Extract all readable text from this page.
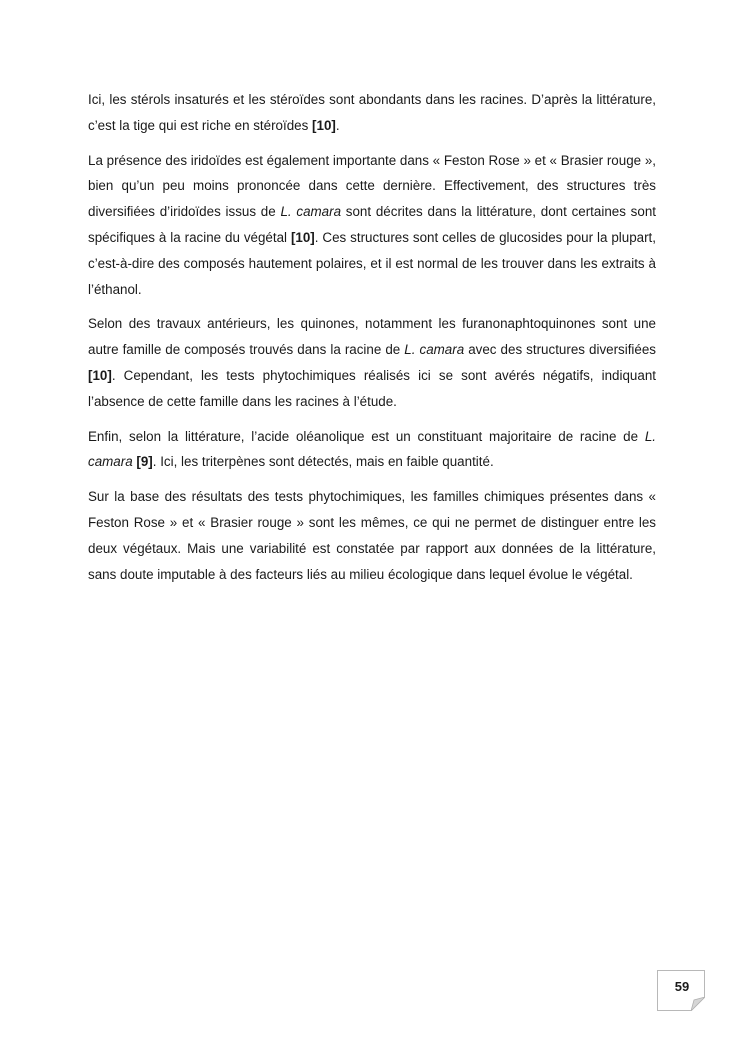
Ici, les stérols insaturés et les stéroïdes sont abondants dans les racines. D’après la littérature, c’est la tige qui est riche en stéroïdes [10].

La présence des iridoïdes est également importante dans « Feston Rose » et « Brasier rouge », bien qu’un peu moins prononcée dans cette dernière. Effectivement, des structures très diversifiées d’iridoïdes issus de L. camara sont décrites dans la littérature, dont certaines sont spécifiques à la racine du végétal [10]. Ces structures sont celles de glucosides pour la plupart, c’est-à-dire des composés hautement polaires, et il est normal de les trouver dans les extraits à l’éthanol.

Selon des travaux antérieurs, les quinones, notamment les furanonaphtoquinones sont une autre famille de composés trouvés dans la racine de L. camara avec des structures diversifiées [10]. Cependant, les tests phytochimiques réalisés ici se sont avérés négatifs, indiquant l’absence de cette famille dans les racines à l’étude.

Enfin, selon la littérature, l’acide oléanolique est un constituant majoritaire de racine de L. camara [9]. Ici, les triterpènes sont détectés, mais en faible quantité.

Sur la base des résultats des tests phytochimiques, les familles chimiques présentes dans « Feston Rose » et « Brasier rouge » sont les mêmes, ce qui ne permet de distinguer entre les deux végétaux. Mais une variabilité est constatée par rapport aux données de la littérature, sans doute imputable à des facteurs liés au milieu écologique dans lequel évolue le végétal.

59
